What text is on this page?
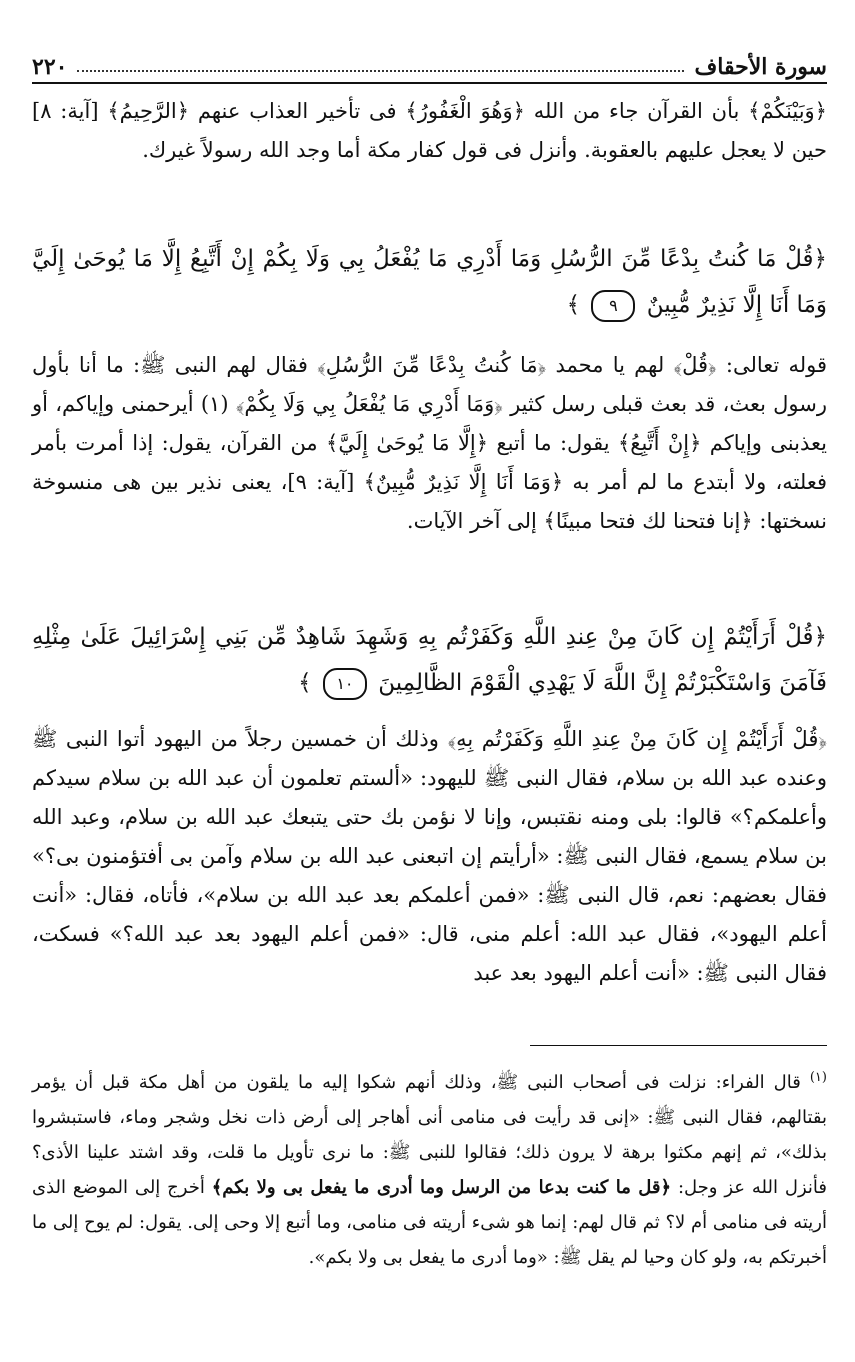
سورة الأحقاف
٢٢٠
﴿وَبَيْنَكُمْ﴾ بأن القرآن جاء من الله ﴿وَهُوَ الْغَفُورُ﴾ فى تأخير العذاب عنهم ﴿الرَّحِيمُ﴾ [آية: ٨] حين لا يعجل عليهم بالعقوبة. وأنزل فى قول كفار مكة أما وجد الله رسولاً غيرك.
﴿قُلْ مَا كُنتُ بِدْعًا مِّنَ الرُّسُلِ وَمَا أَدْرِي مَا يُفْعَلُ بِي وَلَا بِكُمْ إِنْ أَتَّبِعُ إِلَّا مَا يُوحَىٰ إِلَيَّ وَمَا أَنَا إِلَّا نَذِيرٌ مُّبِينٌ ٩ ﴾
قوله تعالى: ﴿قُلْ﴾ لهم يا محمد ﴿مَا كُنتُ بِدْعًا مِّنَ الرُّسُلِ﴾ فقال لهم النبى ﷺ: ما أنا بأول رسول بعث، قد بعث قبلى رسل كثير ﴿وَمَا أَدْرِي مَا يُفْعَلُ بِي وَلَا بِكُمْ﴾ (١) أيرحمنى وإياكم، أو يعذبنى وإياكم ﴿إِنْ أَتَّبِعُ﴾ يقول: ما أتبع ﴿إِلَّا مَا يُوحَىٰ إِلَيَّ﴾ من القرآن، يقول: إذا أمرت بأمر فعلته، ولا أبتدع ما لم أمر به ﴿وَمَا أَنَا إِلَّا نَذِيرٌ مُّبِينٌ﴾ [آية: ٩]، يعنى نذير بين هى منسوخة نسختها: ﴿إنا فتحنا لك فتحا مبينًا﴾ إلى آخر الآيات.
﴿قُلْ أَرَأَيْتُمْ إِن كَانَ مِنْ عِندِ اللَّهِ وَكَفَرْتُم بِهِ وَشَهِدَ شَاهِدٌ مِّن بَنِي إِسْرَائِيلَ عَلَىٰ مِثْلِهِ فَآمَنَ وَاسْتَكْبَرْتُمْ إِنَّ اللَّهَ لَا يَهْدِي الْقَوْمَ الظَّالِمِينَ ١٠ ﴾
﴿قُلْ أَرَأَيْتُمْ إِن كَانَ مِنْ عِندِ اللَّهِ وَكَفَرْتُم بِهِ﴾ وذلك أن خمسين رجلاً من اليهود أتوا النبى ﷺ وعنده عبد الله بن سلام، فقال النبى ﷺ لليهود: «ألستم تعلمون أن عبد الله بن سلام سيدكم وأعلمكم؟» قالوا: بلى ومنه نقتبس، وإنا لا نؤمن بك حتى يتبعك عبد الله بن سلام، وعبد الله بن سلام يسمع، فقال النبى ﷺ: «أرأيتم إن اتبعنى عبد الله بن سلام وآمن بى أفتؤمنون بى؟» فقال بعضهم: نعم، قال النبى ﷺ: «فمن أعلمكم بعد عبد الله بن سلام»، فأتاه، فقال: «أنت أعلم اليهود»، فقال عبد الله: أعلم منى، قال: «فمن أعلم اليهود بعد عبد الله؟» فسكت، فقال النبى ﷺ: «أنت أعلم اليهود بعد عبد
$^{(١)}$ قال الفراء: نزلت فى أصحاب النبى ﷺ، وذلك أنهم شكوا إليه ما يلقون من أهل مكة قبل أن يؤمر بقتالهم، فقال النبى ﷺ: «إنى قد رأيت فى منامى أنى أهاجر إلى أرض ذات نخل وشجر وماء، فاستبشروا بذلك»، ثم إنهم مكثوا برهة لا يرون ذلك؛ فقالوا للنبى ﷺ: ما نرى تأويل ما قلت، وقد اشتد علينا الأذى؟ فأنزل الله عز وجل: ﴿قل ما كنت بدعا من الرسل وما أدرى ما يفعل بى ولا بكم﴾ أخرج إلى الموضع الذى أريته فى منامى أم لا؟ ثم قال لهم: إنما هو شىء أريته فى منامى، وما أتبع إلا وحى إلى. يقول: لم يوح إلى ما أخبرتكم به، ولو كان وحيا لم يقل ﷺ: «وما أدرى ما يفعل بى ولا بكم».
